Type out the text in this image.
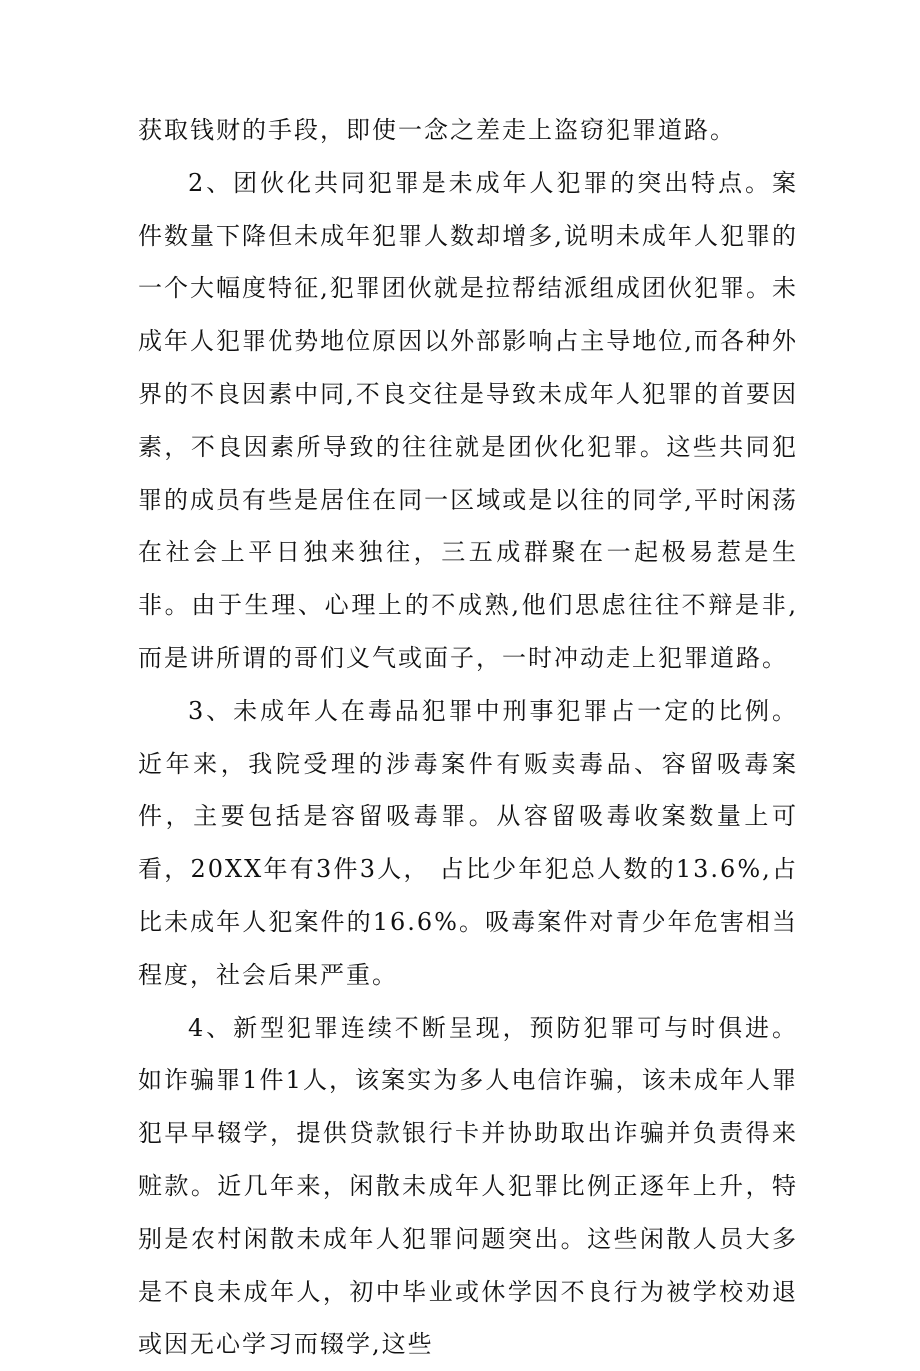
获取钱财的手段，即使一念之差走上盗窃犯罪道路。

2、团伙化共同犯罪是未成年人犯罪的突出特点。案件数量下降但未成年犯罪人数却增多,说明未成年人犯罪的一个大幅度特征,犯罪团伙就是拉帮结派组成团伙犯罪。未成年人犯罪优势地位原因以外部影响占主导地位,而各种外界的不良因素中同,不良交往是导致未成年人犯罪的首要因素，不良因素所导致的往往就是团伙化犯罪。这些共同犯罪的成员有些是居住在同一区域或是以往的同学,平时闲荡在社会上平日独来独往，三五成群聚在一起极易惹是生非。由于生理、心理上的不成熟,他们思虑往往不辩是非,而是讲所谓的哥们义气或面子，一时冲动走上犯罪道路。

3、未成年人在毒品犯罪中刑事犯罪占一定的比例。近年来，我院受理的涉毒案件有贩卖毒品、容留吸毒案件，主要包括是容留吸毒罪。从容留吸毒收案数量上可看，20XX年有3件3人， 占比少年犯总人数的13.6%,占比未成年人犯案件的16.6%。吸毒案件对青少年危害相当程度，社会后果严重。

4、新型犯罪连续不断呈现，预防犯罪可与时俱进。如诈骗罪1件1人，该案实为多人电信诈骗，该未成年人罪犯早早辍学，提供贷款银行卡并协助取出诈骗并负责得来赃款。近几年来，闲散未成年人犯罪比例正逐年上升，特别是农村闲散未成年人犯罪问题突出。这些闲散人员大多是不良未成年人，初中毕业或休学因不良行为被学校劝退或因无心学习而辍学,这些
